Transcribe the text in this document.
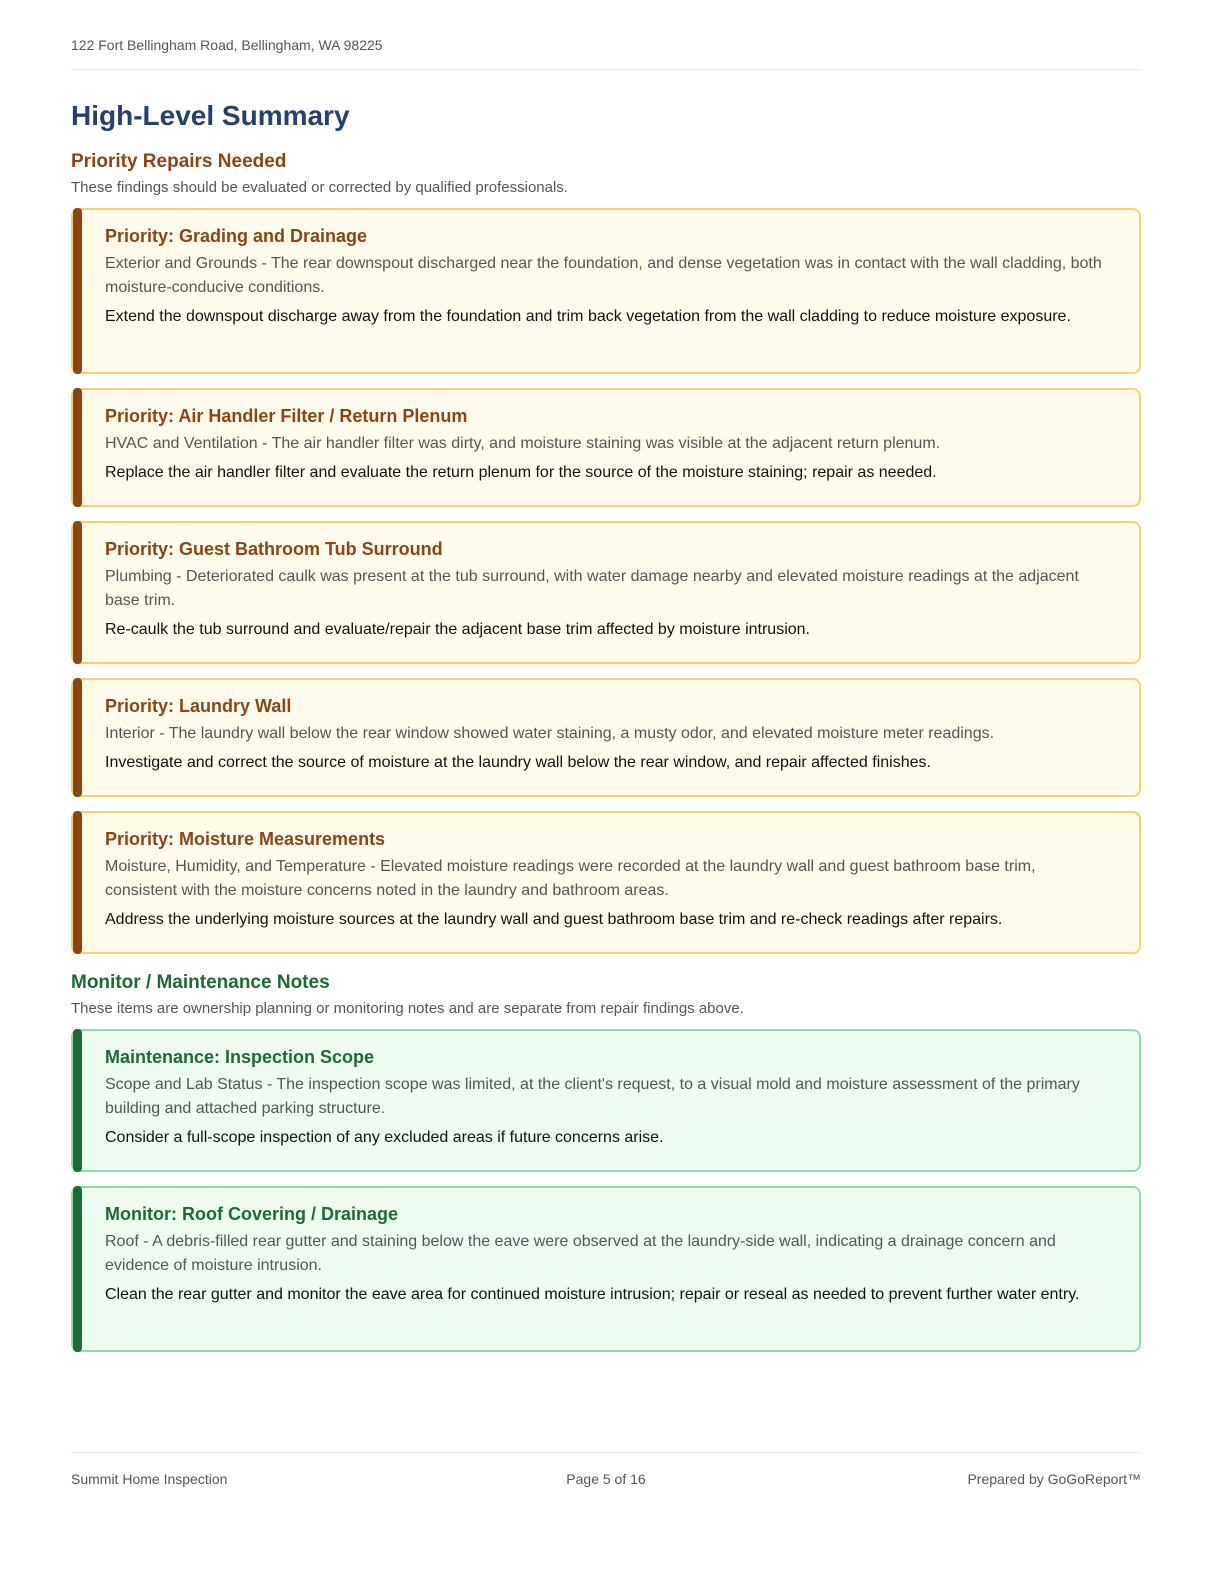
122 Fort Bellingham Road, Bellingham, WA 98225
High-Level Summary
Priority Repairs Needed

These findings should be evaluated or corrected by qualified professionals.

Priority: Grading and Drainage
Exterior and Grounds - The rear downspout discharged near the foundation, and dense vegetation was in contact with the wall cladding, both moisture-conducive conditions.
Extend the downspout discharge away from the foundation and trim back vegetation from the wall cladding to reduce moisture exposure.
Priority: Air Handler Filter / Return Plenum
HVAC and Ventilation - The air handler filter was dirty, and moisture staining was visible at the adjacent return plenum.
Replace the air handler filter and evaluate the return plenum for the source of the moisture staining; repair as needed.
Priority: Guest Bathroom Tub Surround
Plumbing - Deteriorated caulk was present at the tub surround, with water damage nearby and elevated moisture readings at the adjacent base trim.
Re-caulk the tub surround and evaluate/repair the adjacent base trim affected by moisture intrusion.
Priority: Laundry Wall
Interior - The laundry wall below the rear window showed water staining, a musty odor, and elevated moisture meter readings.
Investigate and correct the source of moisture at the laundry wall below the rear window, and repair affected finishes.
Priority: Moisture Measurements
Moisture, Humidity, and Temperature - Elevated moisture readings were recorded at the laundry wall and guest bathroom base trim, consistent with the moisture concerns noted in the laundry and bathroom areas.
Address the underlying moisture sources at the laundry wall and guest bathroom base trim and re-check readings after repairs.
Monitor / Maintenance Notes

These items are ownership planning or monitoring notes and are separate from repair findings above.

Maintenance: Inspection Scope
Scope and Lab Status - The inspection scope was limited, at the client's request, to a visual mold and moisture assessment of the primary building and attached parking structure.
Consider a full-scope inspection of any excluded areas if future concerns arise.
Monitor: Roof Covering / Drainage
Roof - A debris-filled rear gutter and staining below the eave were observed at the laundry-side wall, indicating a drainage concern and evidence of moisture intrusion.
Clean the rear gutter and monitor the eave area for continued moisture intrusion; repair or reseal as needed to prevent further water entry.
Summit Home Inspection	Page 5 of 16	Prepared by GoGoReport™
